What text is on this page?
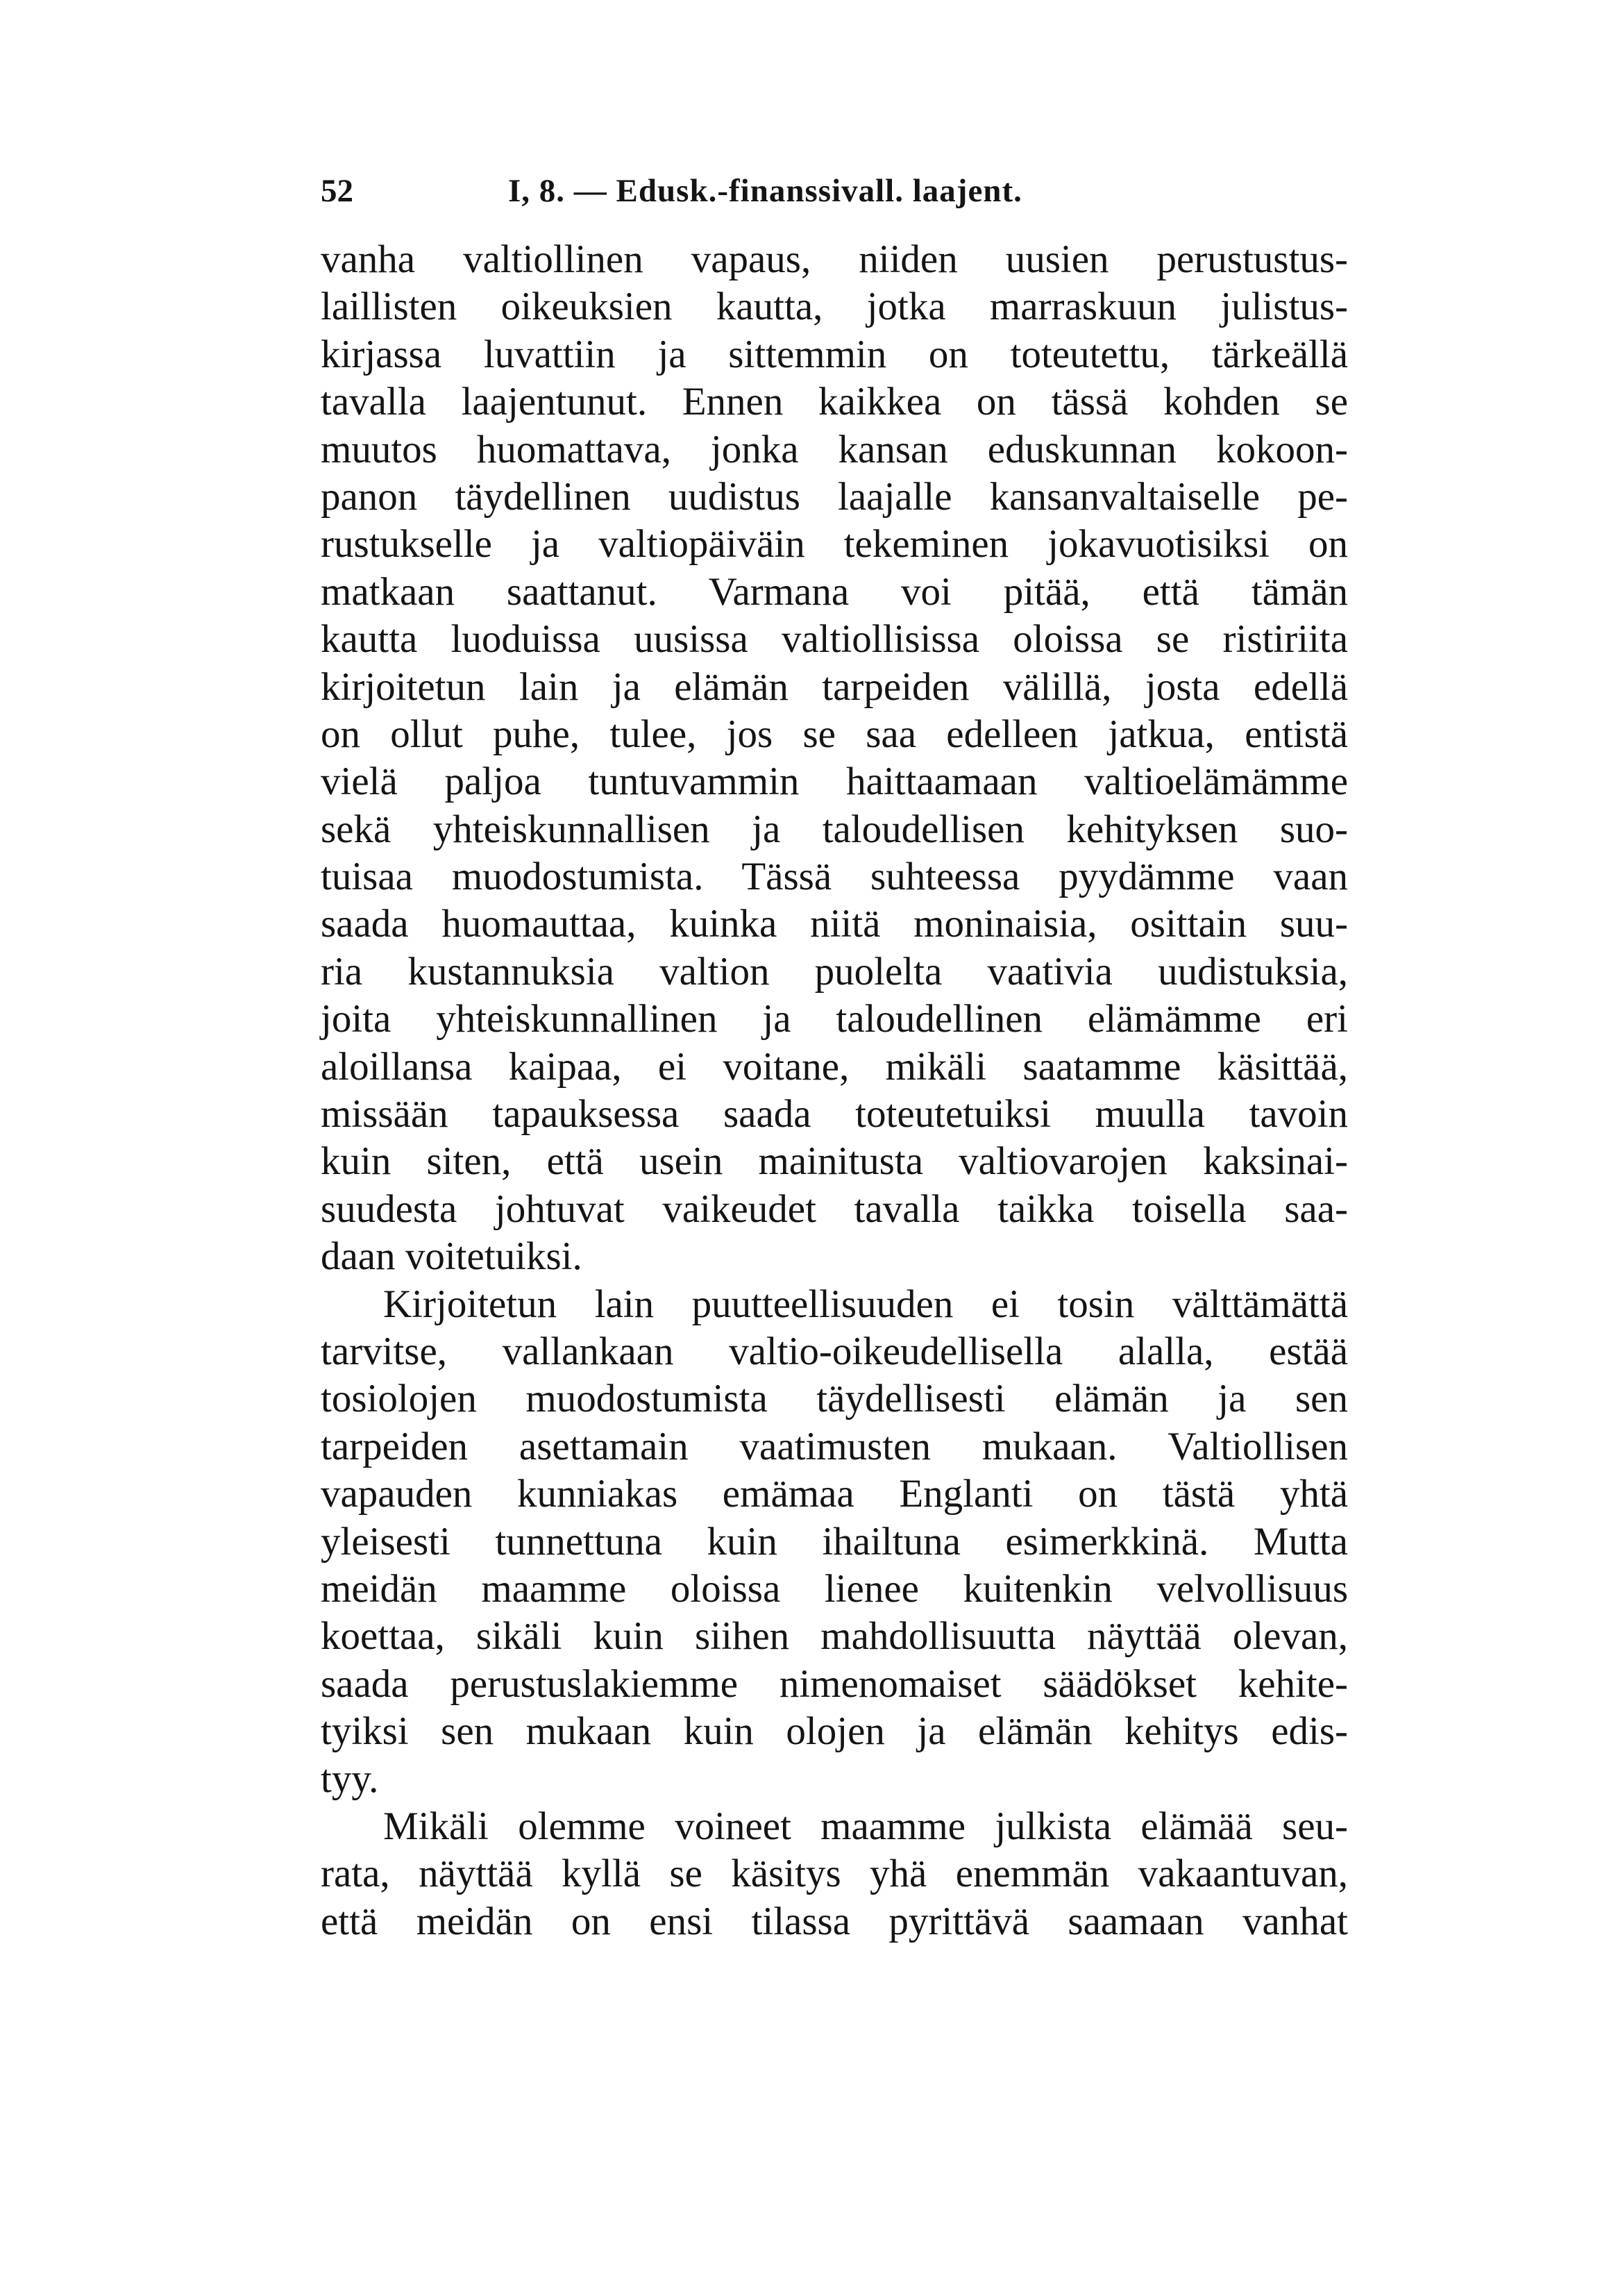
52	I, 8. — Edusk.-finanssivall. laajent.
vanha valtiollinen vapaus, niiden uusien perustustus-
laillisten oikeuksien kautta, jotka marraskuun julistus-
kirjassa luvattiin ja sittemmin on toteutettu, tärkeällä
tavalla laajentunut. Ennen kaikkea on tässä kohden se
muutos huomattava, jonka kansan eduskunnan kokoon-
panon täydellinen uudistus laajalle kansanvaltaiselle pe-
rustukselle ja valtiopäiväin tekeminen jokavuotisiksi on
matkaan saattanut. Varmana voi pitää, että tämän
kautta luoduissa uusissa valtiollisissa oloissa se ristiriita
kirjoitetun lain ja elämän tarpeiden välillä, josta edellä
on ollut puhe, tulee, jos se saa edelleen jatkua, entistä
vielä paljoa tuntuvammin haittaamaan valtioelämämme
sekä yhteiskunnallisen ja taloudellisen kehityksen suo-
tuisaa muodostumista. Tässä suhteessa pyydämme vaan
saada huomauttaa, kuinka niitä moninaisia, osittain suu-
ria kustannuksia valtion puolelta vaativia uudistuksia,
joita yhteiskunnallinen ja taloudellinen elämämme eri
aloillansa kaipaa, ei voitane, mikäli saatamme käsittää,
missään tapauksessa saada toteutetuiksi muulla tavoin
kuin siten, että usein mainitusta valtiovarojen kaksinai-
suudesta johtuvat vaikeudet tavalla taikka toisella saa-
daan voitetuiksi.
Kirjoitetun lain puutteellisuuden ei tosin välttämättä
tarvitse, vallankaan valtio-oikeudellisella alalla, estää
tosiolojen muodostumista täydellisesti elämän ja sen
tarpeiden asettamain vaatimusten mukaan. Valtiollisen
vapauden kunniakas emämaa Englanti on tästä yhtä
yleisesti tunnettuna kuin ihailtuna esimerkkinä. Mutta
meidän maamme oloissa lienee kuitenkin velvollisuus
koettaa, sikäli kuin siihen mahdollisuutta näyttää olevan,
saada perustuslakiemme nimenomaiset säädökset kehite-
tyiksi sen mukaan kuin olojen ja elämän kehitys edis-
tyy.
Mikäli olemme voineet maamme julkista elämää seu-
rata, näyttää kyllä se käsitys yhä enemmän vakaantuvan,
että meidän on ensi tilassa pyrittävä saamaan vanhat
